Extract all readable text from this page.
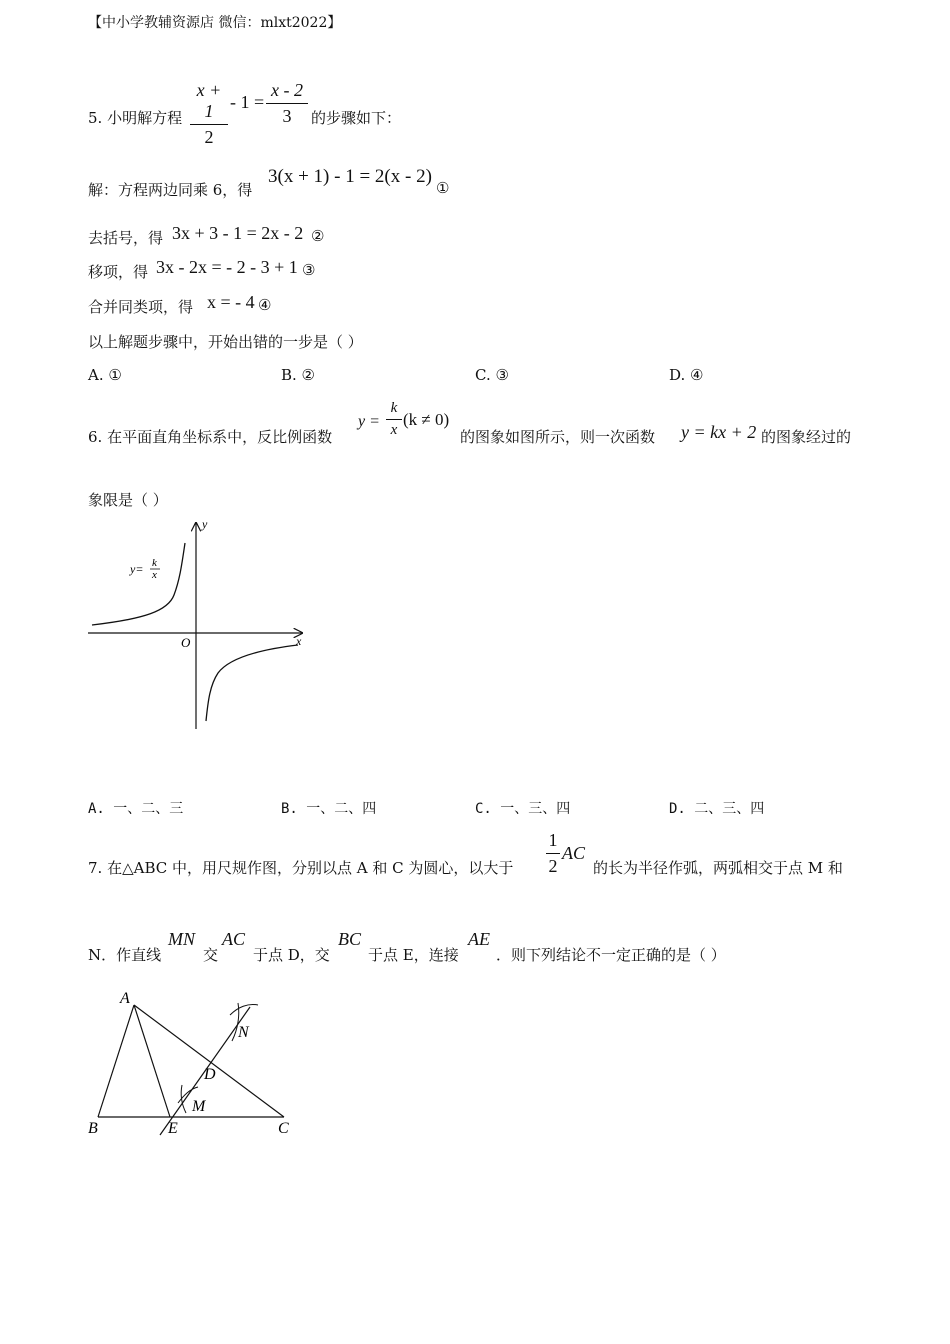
【中小学教辅资源店 微信：mlxt2022】
5. 小明解方程
x + 1
2
- 1 =
x - 2
3	的步骤如下：
解：方程两边同乘 6，得
3(x + 1) - 1 = 2(x - 2)
①
去括号，得 3x + 3 - 1 = 2x - 2 ②
移项，得 3x - 2x = - 2 - 3 + 1 ③
合并同类项，得 x = - 4 ④
以上解题步骤中，开始出错的一步是（ ）
A. ①	B. ②	C. ③	D. ④
6. 在平面直角坐标系中，反比例函数
y =
k
x
(k ≠ 0)
的图象如图所示，则一次函数 y = kx + 2 的图象经过的
象限是（ ）
y
x
O
y= k
x
A. 一、二、三	B. 一、二、四	C. 一、三、四	D. 二、三、四
7. 在△ABC 中，用尺规作图，分别以点 A 和 C 为圆心，以大于
1
2
AC
的长为半径作弧，两弧相交于点 M 和
N．作直线
MN
交
AC
于点 D，交
BC
于点 E，连接
AE
．则下列结论不一定正确的是（ ）
A
B	C
D
E
M
N
